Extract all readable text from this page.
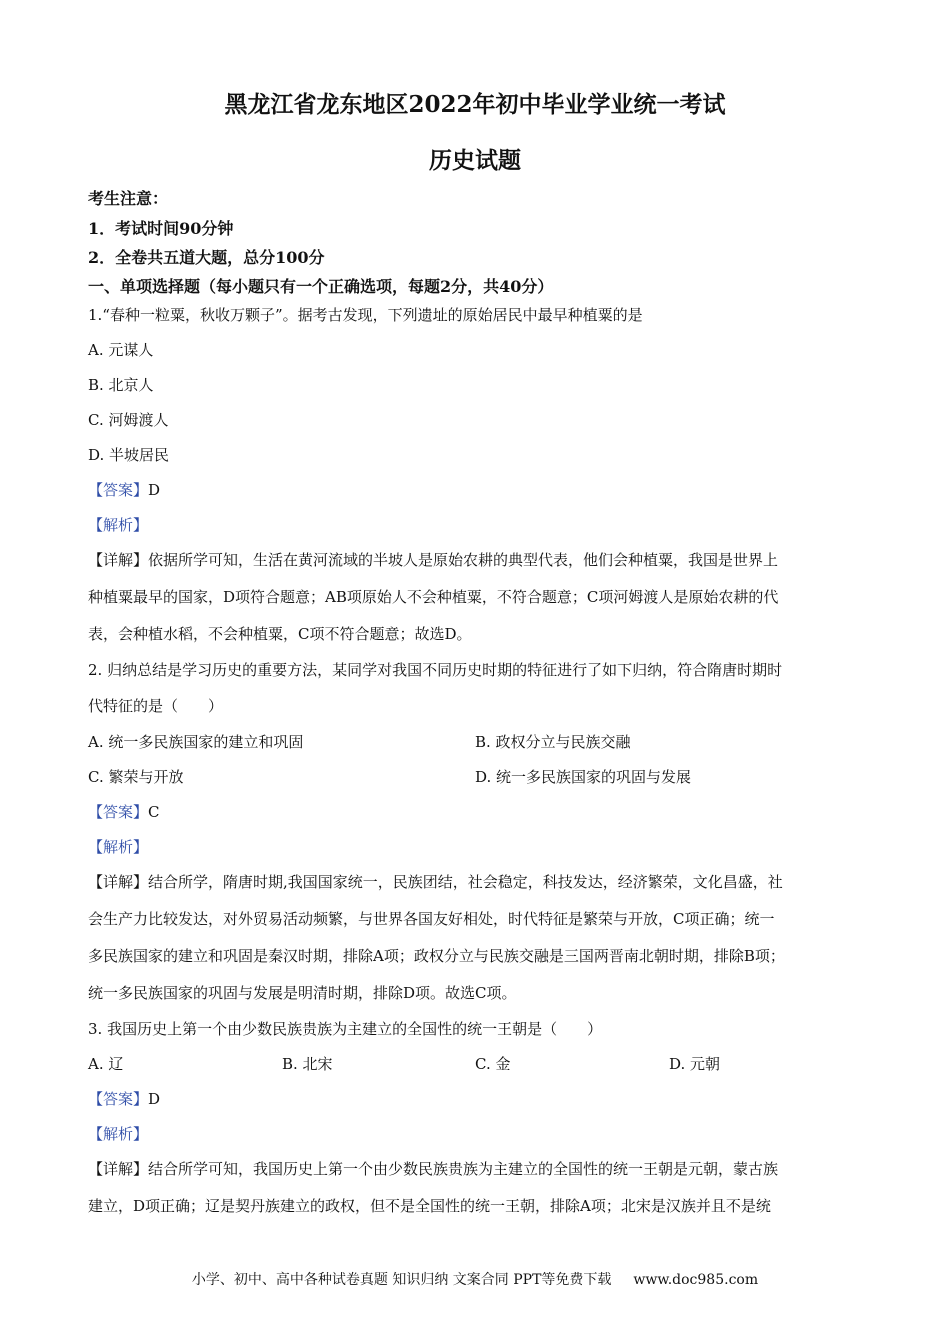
黑龙江省龙东地区2022年初中毕业学业统一考试
历史试题
考生注意：
1．考试时间90分钟
2．全卷共五道大题，总分100分
一、单项选择题（每小题只有一个正确选项，每题2分，共40分）
1.“春种一粒粟，秋收万颗子”。据考古发现，下列遗址的原始居民中最早种植粟的是
A. 元谋人
B. 北京人
C. 河姆渡人
D. 半坡居民
【答案】D
【解析】
【详解】依据所学可知，生活在黄河流域的半坡人是原始农耕的典型代表，他们会种植粟，我国是世界上
种植粟最早的国家，D项符合题意；AB项原始人不会种植粟，不符合题意；C项河姆渡人是原始农耕的代
表，会种植水稻，不会种植粟，C项不符合题意；故选D。
2. 归纳总结是学习历史的重要方法，某同学对我国不同历史时期的特征进行了如下归纳，符合隋唐时期时
代特征的是（　　）
A. 统一多民族国家的建立和巩固	B. 政权分立与民族交融
C. 繁荣与开放	D. 统一多民族国家的巩固与发展
【答案】C
【解析】
【详解】结合所学，隋唐时期,我国国家统一，民族团结，社会稳定，科技发达，经济繁荣，文化昌盛，社
会生产力比较发达，对外贸易活动频繁，与世界各国友好相处，时代特征是繁荣与开放，C项正确；统一
多民族国家的建立和巩固是秦汉时期，排除A项；政权分立与民族交融是三国两晋南北朝时期，排除B项；
统一多民族国家的巩固与发展是明清时期，排除D项。故选C项。
3. 我国历史上第一个由少数民族贵族为主建立的全国性的统一王朝是（　　）
A. 辽	B. 北宋	C. 金	D. 元朝
【答案】D
【解析】
【详解】结合所学可知，我国历史上第一个由少数民族贵族为主建立的全国性的统一王朝是元朝，蒙古族
建立，D项正确；辽是契丹族建立的政权，但不是全国性的统一王朝，排除A项；北宋是汉族并且不是统
小学、初中、高中各种试卷真题 知识归纳 文案合同 PPT等免费下载 www.doc985.com
